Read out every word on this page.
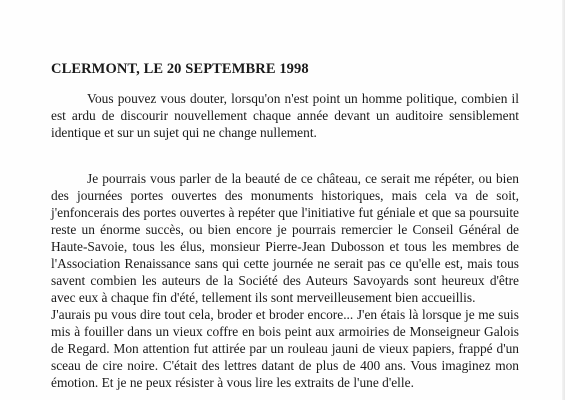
CLERMONT, LE 20 SEPTEMBRE 1998

Vous pouvez vous douter, lorsqu'on n'est point un homme politique, combien il est ardu de discourir nouvellement chaque année devant un auditoire sensiblement identique et sur un sujet qui ne change nullement.

Je pourrais vous parler de la beauté de ce château, ce serait me répéter, ou bien des journées portes ouvertes des monuments historiques, mais cela va de soit, j'enfoncerais des portes ouvertes à repéter que l'initiative fut géniale et que sa poursuite reste un énorme succès, ou bien encore je pourrais remercier le Conseil Général de Haute-Savoie, tous les élus, monsieur Pierre-Jean Dubosson et tous les membres de l'Association Renaissance sans qui cette journée ne serait pas ce qu'elle est, mais tous savent combien les auteurs de la Société des Auteurs Savoyards sont heureux d'être avec eux à chaque fin d'été, tellement ils sont merveilleusement bien accueillis.

J'aurais pu vous dire tout cela, broder et broder encore... J'en étais là lorsque je me suis mis à fouiller dans un vieux coffre en bois peint aux armoiries de Monseigneur Galois de Regard. Mon attention fut attirée par un rouleau jauni de vieux papiers, frappé d'un sceau de cire noire. C'était des lettres datant de plus de 400 ans. Vous imaginez mon émotion. Et je ne peux résister à vous lire les extraits de l'une d'elle.
